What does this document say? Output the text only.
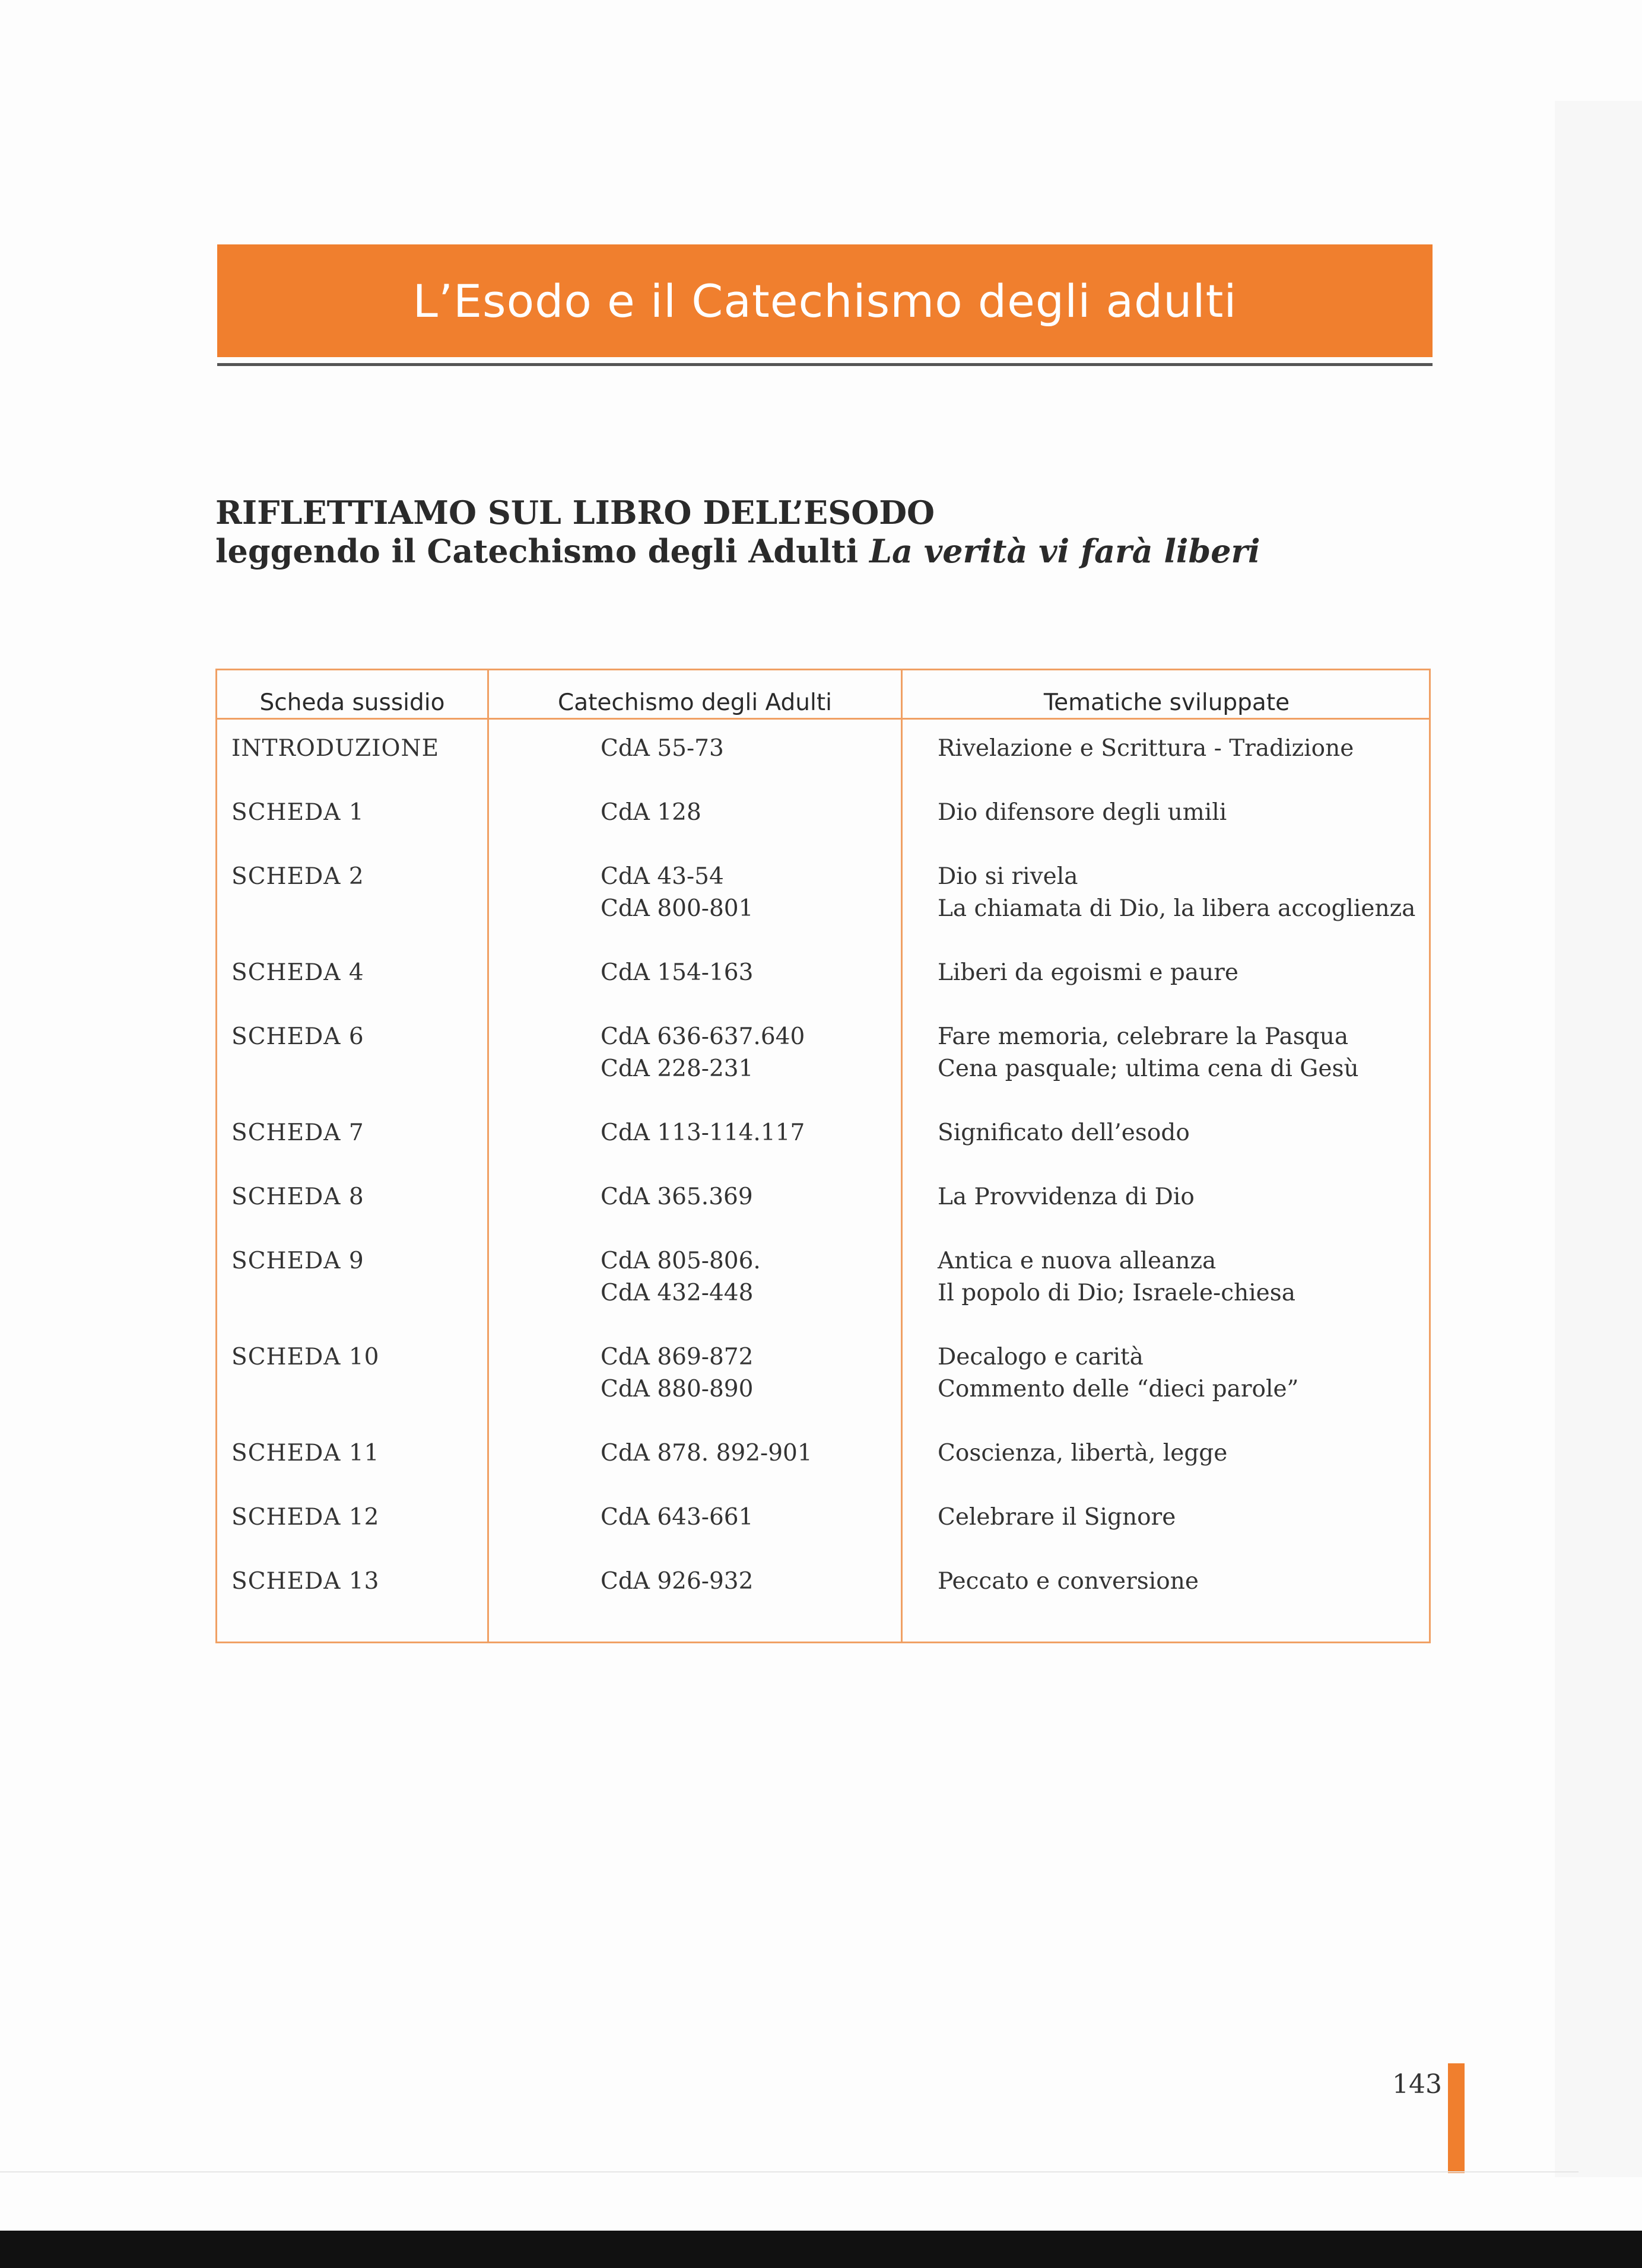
L’Esodo e il Catechismo degli adulti
RIFLETTIAMO SUL LIBRO DELL’ESODO
leggendo il Catechismo degli Adulti La verità vi farà liberi
Scheda sussidio	Catechismo degli Adulti	Tematiche sviluppate
INTRODUZIONE	CdA 55-73	Rivelazione e Scrittura - Tradizione
SCHEDA 1	CdA 128	Dio difensore degli umili
SCHEDA 2	CdA 43-54	Dio si rivela
CdA 800-801	La chiamata di Dio, la libera accoglienza
SCHEDA 4	CdA 154-163	Liberi da egoismi e paure
SCHEDA 6	CdA 636-637.640	Fare memoria, celebrare la Pasqua
CdA 228-231	Cena pasquale; ultima cena di Gesù
SCHEDA 7	CdA 113-114.117	Significato dell’esodo
SCHEDA 8	CdA 365.369	La Provvidenza di Dio
SCHEDA 9	CdA 805-806.	Antica e nuova alleanza
CdA 432-448	Il popolo di Dio; Israele-chiesa
SCHEDA 10	CdA 869-872	Decalogo e carità
CdA 880-890	Commento delle “dieci parole”
SCHEDA 11	CdA 878. 892-901	Coscienza, libertà, legge
SCHEDA 12	CdA 643-661	Celebrare il Signore
SCHEDA 13	CdA 926-932	Peccato e conversione
143
